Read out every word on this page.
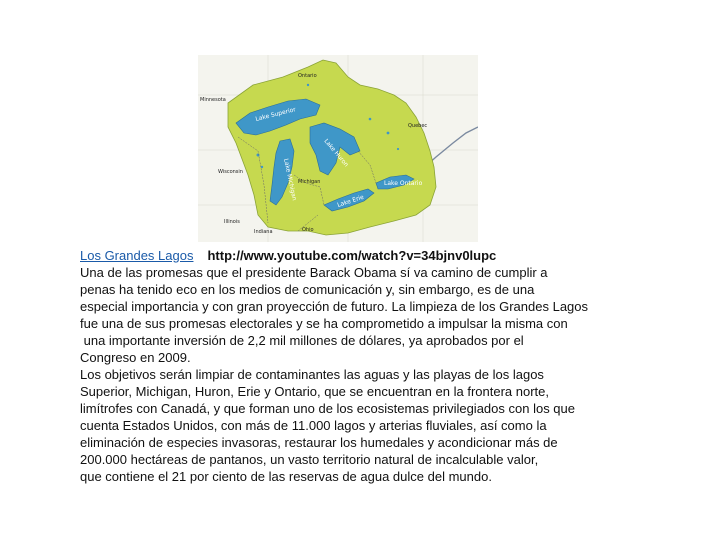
Ontario
Quebec
Minnesota
Wisconsin
Illinois
Indiana
Michigan
Ohio
Lake Superior
Lake Michigan
Lake Huron
Lake Erie
Lake Ontario
Los Grandes Lagos http://www.youtube.com/watch?v=34bjnv0lupc
Una de las promesas que el presidente Barack Obama sí va camino de cumplir a
penas ha tenido eco en los medios de comunicación y, sin embargo, es de una
especial importancia y con gran proyección de futuro. La limpieza de los Grandes Lagos
fue una de sus promesas electorales y se ha comprometido a impulsar la misma con
una importante inversión de 2,2 mil millones de dólares, ya aprobados por el
Congreso en 2009.
Los objetivos serán limpiar de contaminantes las aguas y las playas de los lagos
Superior, Michigan, Huron, Erie y Ontario, que se encuentran en la frontera norte,
limítrofes con Canadá, y que forman uno de los ecosistemas privilegiados con los que
cuenta Estados Unidos, con más de 11.000 lagos y arterias fluviales, así como la
eliminación de especies invasoras, restaurar los humedales y acondicionar más de
200.000 hectáreas de pantanos, un vasto territorio natural de incalculable valor,
que contiene el 21 por ciento de las reservas de agua dulce del mundo.
